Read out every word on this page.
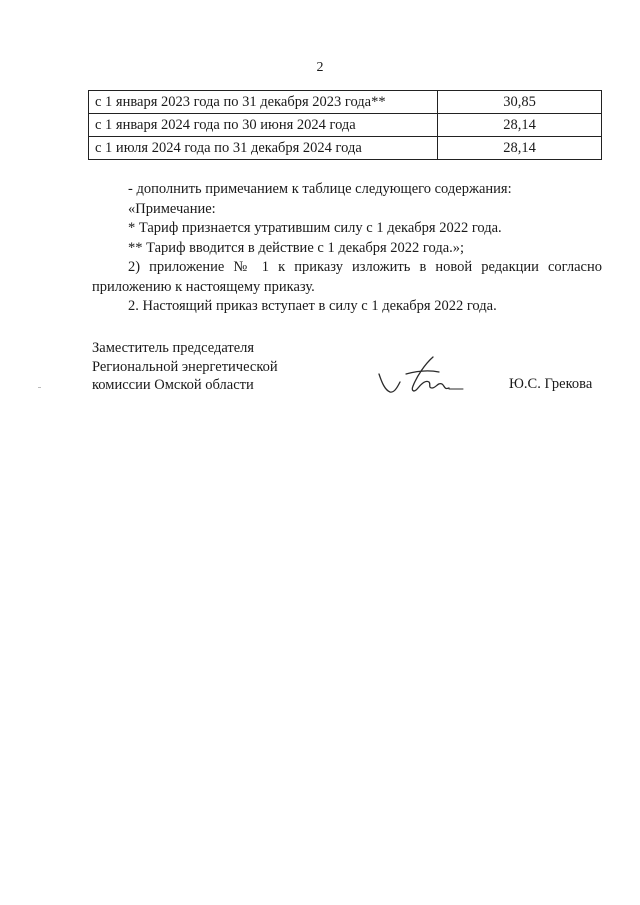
2
с 1 января 2023 года по 31 декабря 2023 года**	30,85
с 1 января 2024 года по 30 июня 2024 года	28,14
с 1 июля 2024 года по 31 декабря 2024 года	28,14

- дополнить примечанием к таблице следующего содержания:

«Примечание:

* Тариф признается утратившим силу с 1 декабря 2022 года.

** Тариф вводится в действие с 1 декабря 2022 года.»;

2) приложение № 1 к приказу изложить в новой редакции согласно приложению к настоящему приказу.

2. Настоящий приказ вступает в силу с 1 декабря 2022 года.

Заместитель председателя
Региональной энергетической
комиссии Омской области	Ю.С. Грекова
